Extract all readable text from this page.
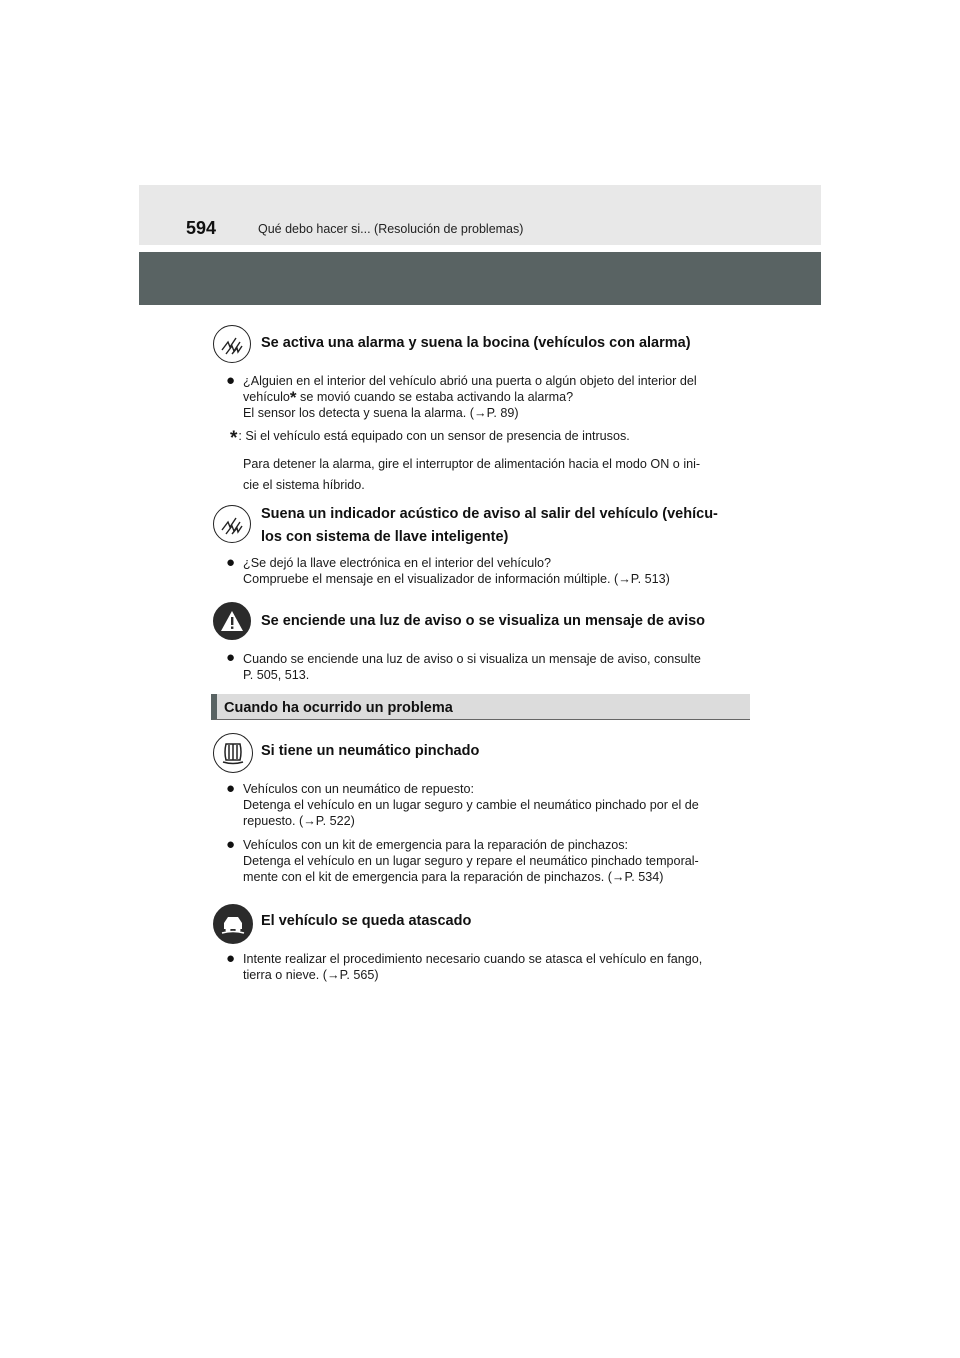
594	Qué debo hacer si... (Resolución de problemas)
Se activa una alarma y suena la bocina (vehículos con alarma)
● ¿Alguien en el interior del vehículo abrió una puerta o algún objeto del interior del
vehículo* se movió cuando se estaba activando la alarma?
El sensor los detecta y suena la alarma. (→P. 89)
*: Si el vehículo está equipado con un sensor de presencia de intrusos.
Para detener la alarma, gire el interruptor de alimentación hacia el modo ON o ini-
cie el sistema híbrido.
Suena un indicador acústico de aviso al salir del vehículo (vehícu-
los con sistema de llave inteligente)
● ¿Se dejó la llave electrónica en el interior del vehículo?
Compruebe el mensaje en el visualizador de información múltiple. (→P. 513)
Se enciende una luz de aviso o se visualiza un mensaje de aviso
● Cuando se enciende una luz de aviso o si visualiza un mensaje de aviso, consulte
P. 505, 513.
Cuando ha ocurrido un problema
Si tiene un neumático pinchado
● Vehículos con un neumático de repuesto:
Detenga el vehículo en un lugar seguro y cambie el neumático pinchado por el de
repuesto. (→P. 522)
● Vehículos con un kit de emergencia para la reparación de pinchazos:
Detenga el vehículo en un lugar seguro y repare el neumático pinchado temporal-
mente con el kit de emergencia para la reparación de pinchazos. (→P. 534)
El vehículo se queda atascado
● Intente realizar el procedimiento necesario cuando se atasca el vehículo en fango,
tierra o nieve. (→P. 565)
